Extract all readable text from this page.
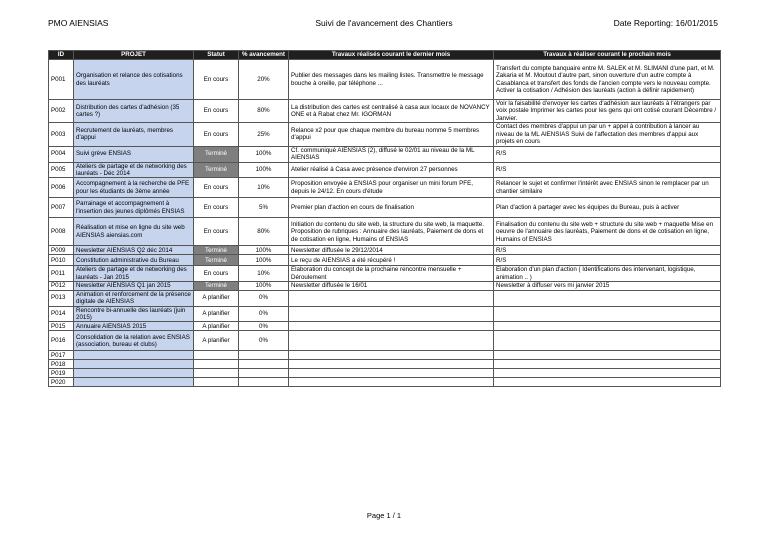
PMO AIENSIAS	Suivi de l'avancement des Chantiers	Date Reporting: 16/01/2015
ID	PROJET	Statut	% avancement	Travaux réalisés courant le dernier mois	Travaux à réaliser courant le prochain mois
P001	Organisation et relance des cotisations des lauréats	En cours	20%	Publier des messages dans les mailing listes. Transmettre le message bouche à oreille, par téléphone ...	Transfert du compte banquaire entre M. SALEK et M. SLIMANI d'une part, et M. Zakaria et M. Moutout d'autre part, sinon ouverture d'un autre compte à Casablanca et transfert des fonds de l'ancien compte vers le nouveau compte. Activer la cotisation / Adhésion des lauréats (action à définir rapidement)
P002	Distribution des cartes d'adhésion (35 cartes ?)	En cours	80%	La distribution des cartes est centralisé à casa aux locaux de NOVANCY ONE et à Rabat chez Mr. IGORMAN	Voir la faisabilité d'envoyer les cartes d'adhésion aux lauréats à l'étrangers par voix postale Imprimer les cartes pour les gens qui ont cotisé courant Décembre / Janvier.
P003	Recrutement de lauréats, membres d'appui	En cours	25%	Relance x2 pour que chaque membre du bureau nomme 5 membres d'appui	Contact des membres d'appui un par un + appel à contribution à lancer au niveau de la ML AIENSIAS Suivi de l'affectation des membres d'appui aux projets en cours
P004	Suivi grève ENSIAS	Terminé	100%	Cf. communiqué AIENSIAS (2), diffusé le 02/01 au niveau de la ML AIENSIAS	R/S
P005	Ateliers de partage et de networking des lauréats - Déc 2014	Terminé	100%	Atelier réalisé à Casa avec présence d'environ 27 personnes	R/S
P006	Accompagnement à la recherche de PFE pour les étudiants de 3ème année	En cours	10%	Proposition envoyée à ENSIAS pour organiser un mini forum PFE, depuis le 24/12. En cours d'étude	Relancer le sujet et confirmer l'intérêt avec ENSIAS sinon le remplacer par un chantier similaire
P007	Parrainage et accompagnement à l'insertion des jeunes diplômés ENSIAS	En cours	5%	Premier plan d'action en cours de finalisation	Plan d'action à partager avec les équipes du Bureau, puis à activer
P008	Réalisation et mise en ligne du site web AIENSIAS aiensias.com	En cours	80%	Initiation du contenu du site web, la structure du site web, la maquette. Proposition de rubriques : Annuaire des lauréats, Paiement de dons et de cotisation en ligne, Humains of ENSIAS	Finalisation du contenu du site web + structure du site web + maquette Mise en oeuvre de l'annuaire des lauréats, Paiement de dons et de cotisation en ligne, Humains of ENSIAS
P009	Newsletter AIENSIAS Q2 déc 2014	Terminé	100%	Newsletter diffusée le 29/12/2014	R/S
P010	Constitution administrative du Bureau	Terminé	100%	Le reçu de AIENSIAS a été récupéré !	R/S
P011	Ateliers de partage et de networking des lauréats - Jan 2015	En cours	10%	Elaboration du concept de la prochaine rencontre mensuelle + Déroulement	Elaboration d'un plan d'action ( Identifications des intervenant, logistique, animation .. )
P012	Newsletter AIENSIAS Q1 jan 2015	Terminé	100%	Newsletter diffusée le 16/01	Newsletter à diffuser vers mi janvier 2015
P013	Animation et renforcement de la présence digitale de AIENSIAS	A planifier	0%		
P014	Rencontre bi-annuelle des lauréats (juin 2015)	A planifier	0%		
P015	Annuaire AIENSIAS 2015	A planifier	0%		
P016	Consolidation de la relation avec ENSIAS (association, bureau et clubs)	A planifier	0%		
P017					
P018					
P019					
P020					
Page 1 / 1
